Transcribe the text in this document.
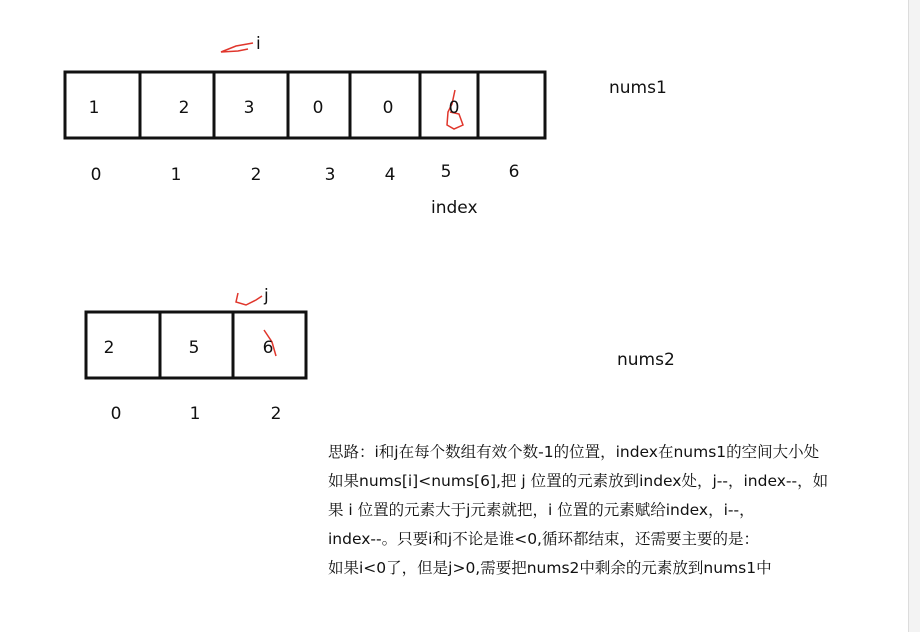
i
j
1	2	3	0	0	0
0	1	2	3	4	5	6
index
nums1
nums2
2	5	6
0	1	2
思路：i和j在每个数组有效个数-1的位置，index在nums1的空间大小处
如果nums[i]<nums[6],把 j 位置的元素放到index处，j--，index--，如
果 i 位置的元素大于j元素就把，i 位置的元素赋给index，i--，
index--。只要i和j不论是谁<0,循环都结束，还需要主要的是：
如果i<0了，但是j>0,需要把nums2中剩余的元素放到nums1中
